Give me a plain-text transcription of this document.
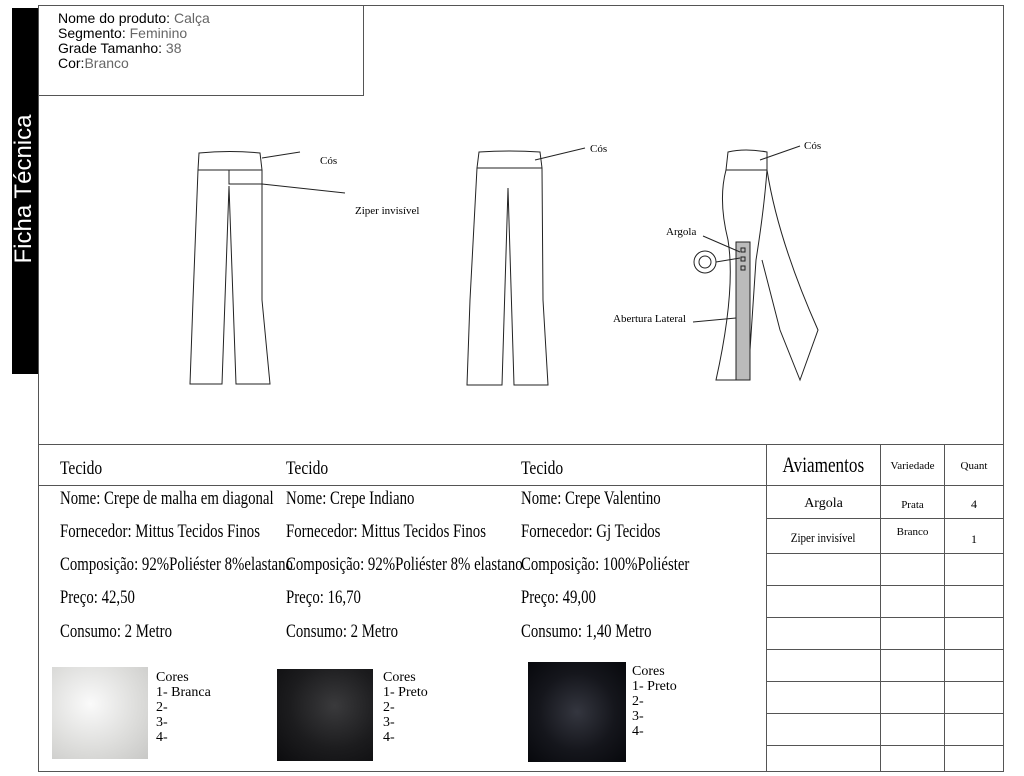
Ficha Técnica
Nome do produto: Calça
Segmento: Feminino
Grade Tamanho: 38
Cor:Branco
Cós
Ziper invisível
Cós	Cós
Argola
Abertura Lateral
Tecido
Nome: Crepe de malha em diagonal
Fornecedor: Mittus Tecidos Finos
Composição: 92%Poliéster 8%elastano
Preço: 42,50
Consumo: 2 Metro
Cores
1- Branca
2-
3-
4-
Tecido
Nome: Crepe Indiano
Fornecedor: Mittus Tecidos Finos
Composição: 92%Poliéster 8% elastano
Preço: 16,70
Consumo: 2 Metro
Cores
1- Preto
2-
3-
4-
Tecido
Nome: Crepe Valentino
Fornecedor: Gj Tecidos
Composição: 100%Poliéster
Preço: 49,00
Consumo: 1,40 Metro
Cores
1- Preto
2-
3-
4-
Aviamentos	Variedade	Quant
Argola	Prata	4
Ziper invisível	Branco	1
